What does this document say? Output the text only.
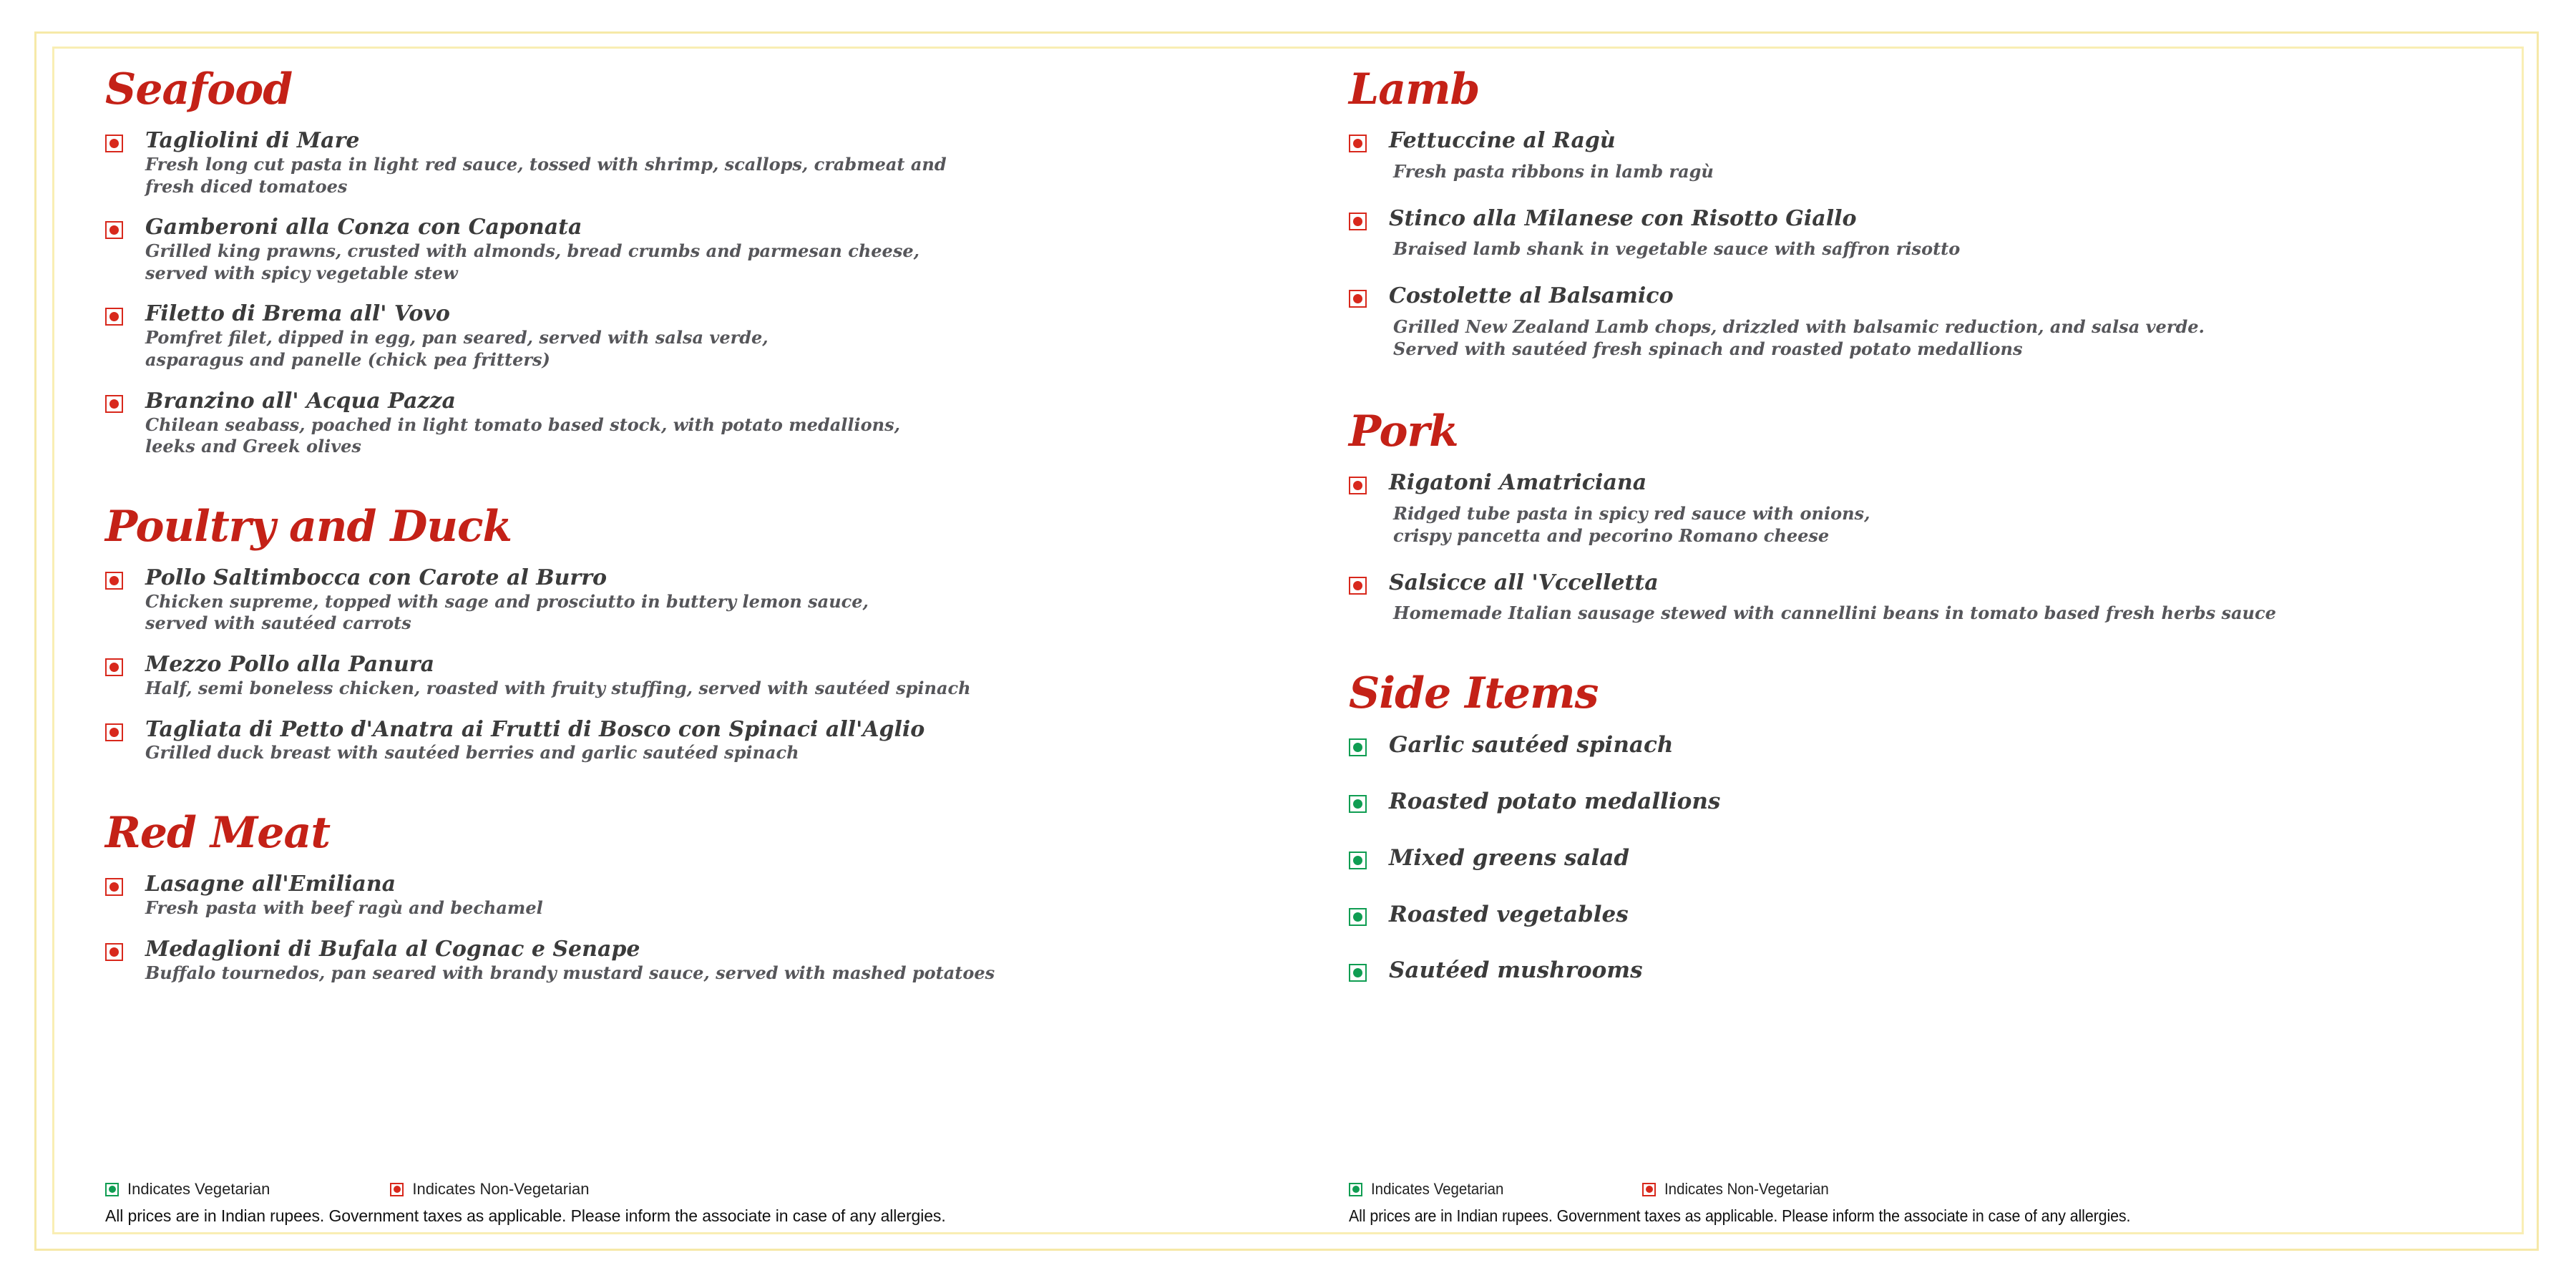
Seafood
Tagliolini di Mare
Fresh long cut pasta in light red sauce, tossed with shrimp, scallops, crabmeat and
fresh diced tomatoes
Gamberoni alla Conza con Caponata
Grilled king prawns, crusted with almonds, bread crumbs and parmesan cheese,
served with spicy vegetable stew
Filetto di Brema all' Vovo
Pomfret filet, dipped in egg, pan seared, served with salsa verde,
asparagus and panelle (chick pea fritters)
Branzino all' Acqua Pazza
Chilean seabass, poached in light tomato based stock, with potato medallions,
leeks and Greek olives
Poultry and Duck
Pollo Saltimbocca con Carote al Burro
Chicken supreme, topped with sage and prosciutto in buttery lemon sauce,
served with sautéed carrots
Mezzo Pollo alla Panura
Half, semi boneless chicken, roasted with fruity stuffing, served with sautéed spinach
Tagliata di Petto d'Anatra ai Frutti di Bosco con Spinaci all'Aglio
Grilled duck breast with sautéed berries and garlic sautéed spinach
Red Meat
Lasagne all'Emiliana
Fresh pasta with beef ragù and bechamel
Medaglioni di Bufala al Cognac e Senape
Buffalo tournedos, pan seared with brandy mustard sauce, served with mashed potatoes
Indicates Vegetarian	Indicates Non-Vegetarian
All prices are in Indian rupees. Government taxes as applicable. Please inform the associate in case of any allergies.
Lamb
Fettuccine al Ragù
Fresh pasta ribbons in lamb ragù
Stinco alla Milanese con Risotto Giallo
Braised lamb shank in vegetable sauce with saffron risotto
Costolette al Balsamico
Grilled New Zealand Lamb chops, drizzled with balsamic reduction, and salsa verde.
Served with sautéed fresh spinach and roasted potato medallions
Pork
Rigatoni Amatriciana
Ridged tube pasta in spicy red sauce with onions,
crispy pancetta and pecorino Romano cheese
Salsicce all 'Vccelletta
Homemade Italian sausage stewed with cannellini beans in tomato based fresh herbs sauce
Side Items
Garlic sautéed spinach
Roasted potato medallions
Mixed greens salad
Roasted vegetables
Sautéed mushrooms
Indicates Vegetarian	Indicates Non-Vegetarian
All prices are in Indian rupees. Government taxes as applicable. Please inform the associate in case of any allergies.
